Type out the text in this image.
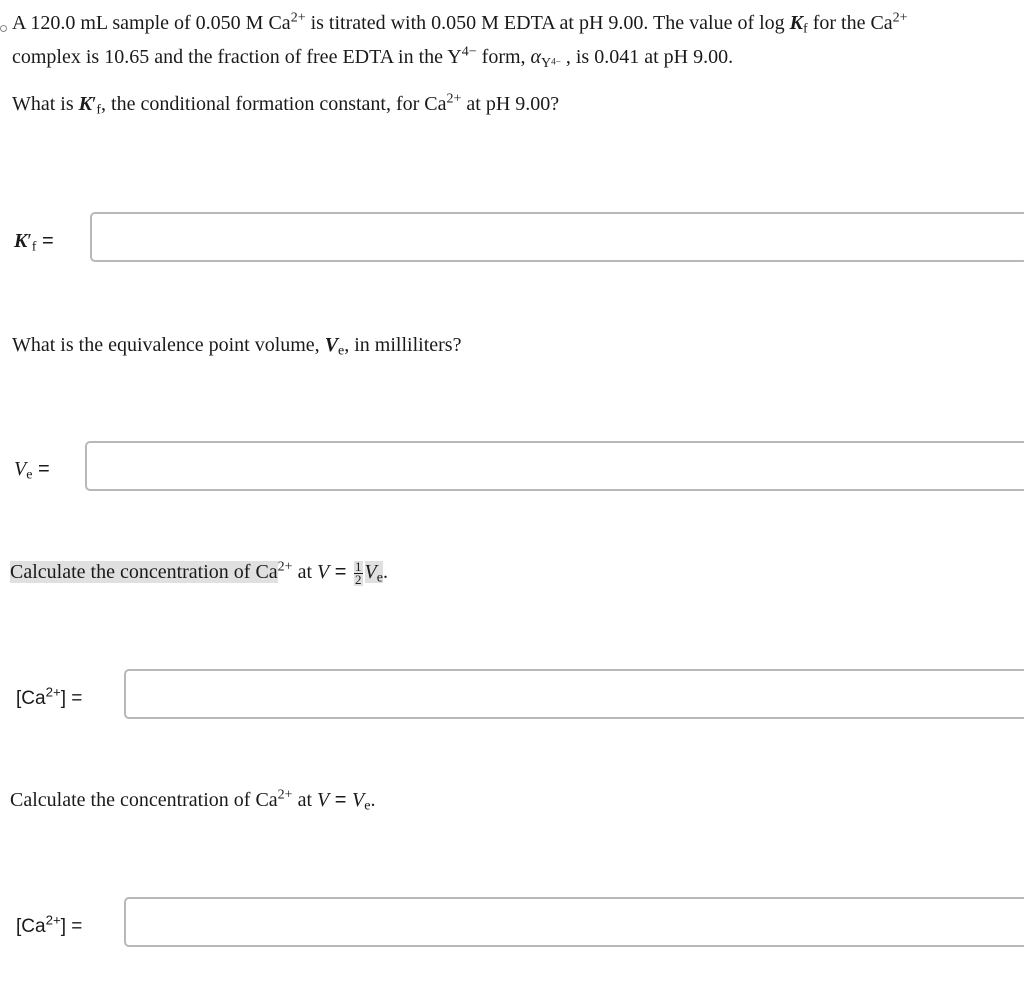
A 120.0 mL sample of 0.050 M $Ca^{2+}$ is titrated with 0.050 M EDTA at pH 9.00. The value of $\log K_f$ for the $Ca^{2+}$
complex is 10.65 and the fraction of free EDTA in the $Y^{4-}$ form, $\alpha_{Y4-}$ , is 0.041 at pH 9.00.
What is $K'_f$, the conditional formation constant, for $Ca^{2+}$ at pH 9.00?
$K'_f$ =
What is the equivalence point volume, $V_e$, in milliliters?
$V_e$ =
Calculate the concentration of $Ca^{2+}$ at $V = \frac{1}{2} V_e$.
$[Ca^{2+}]$ =
Calculate the concentration of $Ca^{2+}$ at $V = V_e$.
$[Ca^{2+}]$ =
